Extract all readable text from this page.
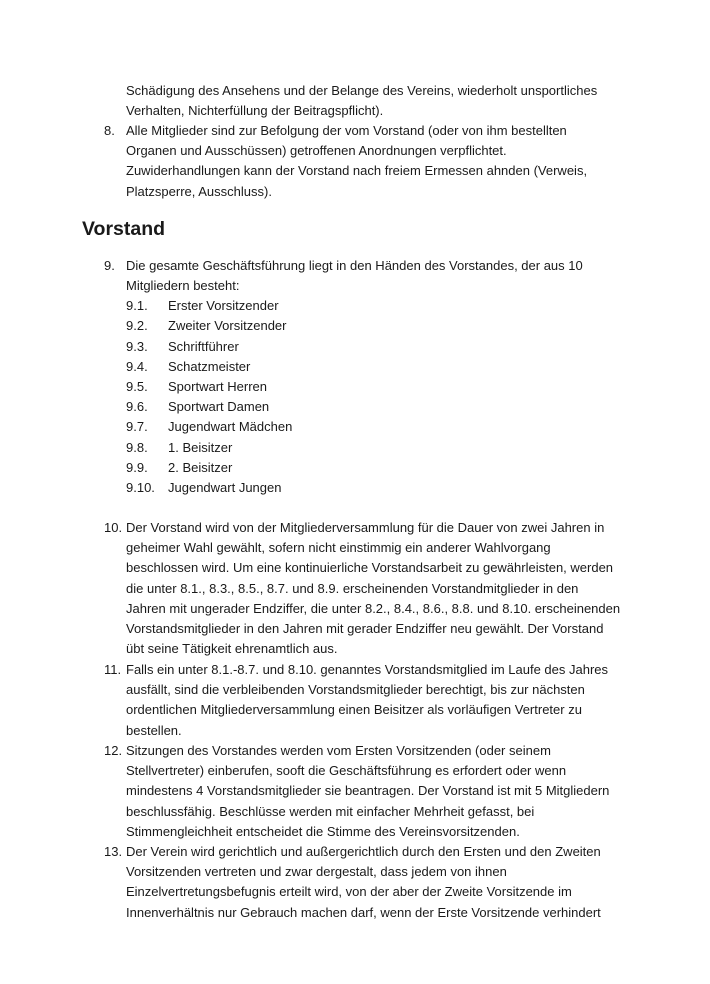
Schädigung des Ansehens und der Belange des Vereins, wiederholt unsportliches
Verhalten, Nichterfüllung der Beitragspflicht).
8. Alle Mitglieder sind zur Befolgung der vom Vorstand (oder von ihm bestellten
Organen und Ausschüssen) getroffenen Anordnungen verpflichtet.
Zuwiderhandlungen kann der Vorstand nach freiem Ermessen ahnden (Verweis,
Platzsperre, Ausschluss).
Vorstand
9. Die gesamte Geschäftsführung liegt in den Händen des Vorstandes, der aus 10
Mitgliedern besteht:
9.1. Erster Vorsitzender
9.2. Zweiter Vorsitzender
9.3. Schriftführer
9.4. Schatzmeister
9.5. Sportwart Herren
9.6. Sportwart Damen
9.7. Jugendwart Mädchen
9.8. 1. Beisitzer
9.9. 2. Beisitzer
9.10. Jugendwart Jungen
10. Der Vorstand wird von der Mitgliederversammlung für die Dauer von zwei Jahren in
geheimer Wahl gewählt, sofern nicht einstimmig ein anderer Wahlvorgang
beschlossen wird. Um eine kontinuierliche Vorstandsarbeit zu gewährleisten, werden
die unter 8.1., 8.3., 8.5., 8.7. und 8.9. erscheinenden Vorstandmitglieder in den
Jahren mit ungerader Endziffer, die unter 8.2., 8.4., 8.6., 8.8. und 8.10. erscheinenden
Vorstandsmitglieder in den Jahren mit gerader Endziffer neu gewählt. Der Vorstand
übt seine Tätigkeit ehrenamtlich aus.
11. Falls ein unter 8.1.-8.7. und 8.10. genanntes Vorstandsmitglied im Laufe des Jahres
ausfällt, sind die verbleibenden Vorstandsmitglieder berechtigt, bis zur nächsten
ordentlichen Mitgliederversammlung einen Beisitzer als vorläufigen Vertreter zu
bestellen.
12. Sitzungen des Vorstandes werden vom Ersten Vorsitzenden (oder seinem
Stellvertreter) einberufen, sooft die Geschäftsführung es erfordert oder wenn
mindestens 4 Vorstandsmitglieder sie beantragen. Der Vorstand ist mit 5 Mitgliedern
beschlussfähig. Beschlüsse werden mit einfacher Mehrheit gefasst, bei
Stimmengleichheit entscheidet die Stimme des Vereinsvorsitzenden.
13. Der Verein wird gerichtlich und außergerichtlich durch den Ersten und den Zweiten
Vorsitzenden vertreten und zwar dergestalt, dass jedem von ihnen
Einzelvertretungsbefugnis erteilt wird, von der aber der Zweite Vorsitzende im
Innenverhältnis nur Gebrauch machen darf, wenn der Erste Vorsitzende verhindert
